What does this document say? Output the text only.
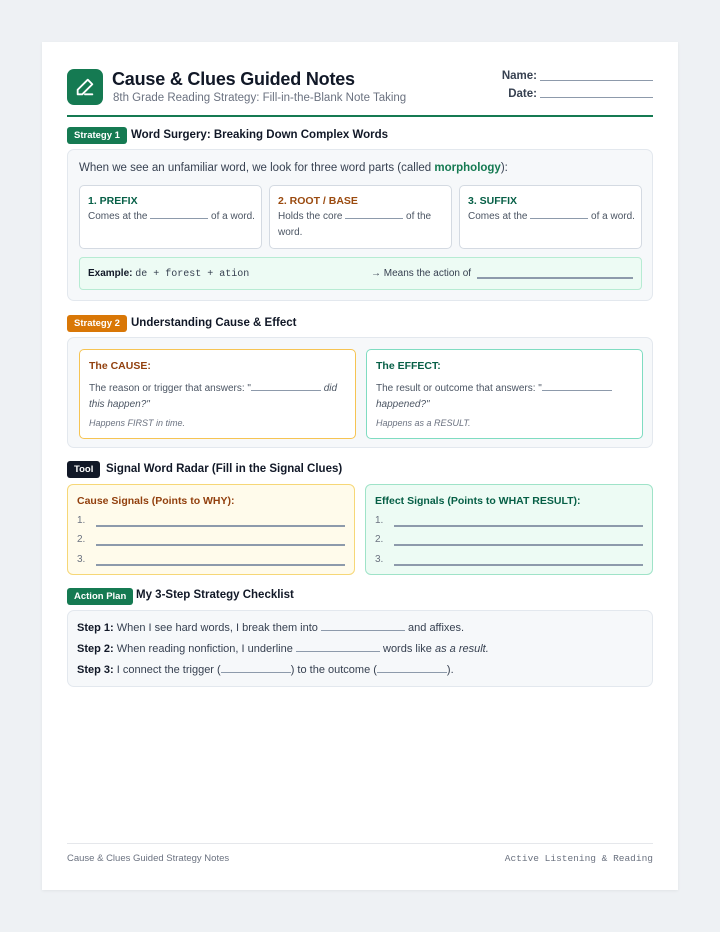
Cause & Clues Guided Notes
8th Grade Reading Strategy: Fill-in-the-Blank Note Taking
Name:
Date:
Strategy 1 Word Surgery: Breaking Down Complex Words
When we see an unfamiliar word, we look for three word parts (called morphology):
1. PREFIX
Comes at the	of a word.
2. ROOT / BASE
Holds the core	of the word.
3. SUFFIX
Comes at the	of a word.
Example: de + forest + ation	→ Means the action of
Strategy 2 Understanding Cause & Effect
The CAUSE:
The reason or trigger that answers: "	did this happen?"
Happens FIRST in time.
The EFFECT:
The result or outcome that answers: " happened?"
Happens as a RESULT.
Tool	Signal Word Radar (Fill in the Signal Clues)
Cause Signals (Points to WHY):
1.
2.
3.
Effect Signals (Points to WHAT RESULT):
1.
2.
3.
Action Plan My 3-Step Strategy Checklist
Step 1: When I see hard words, I break them into	and affixes.
Step 2: When reading nonfiction, I underline	words like as a result.
Step 3: I connect the trigger (	) to the outcome (	).
Cause & Clues Guided Strategy Notes	Active Listening & Reading
